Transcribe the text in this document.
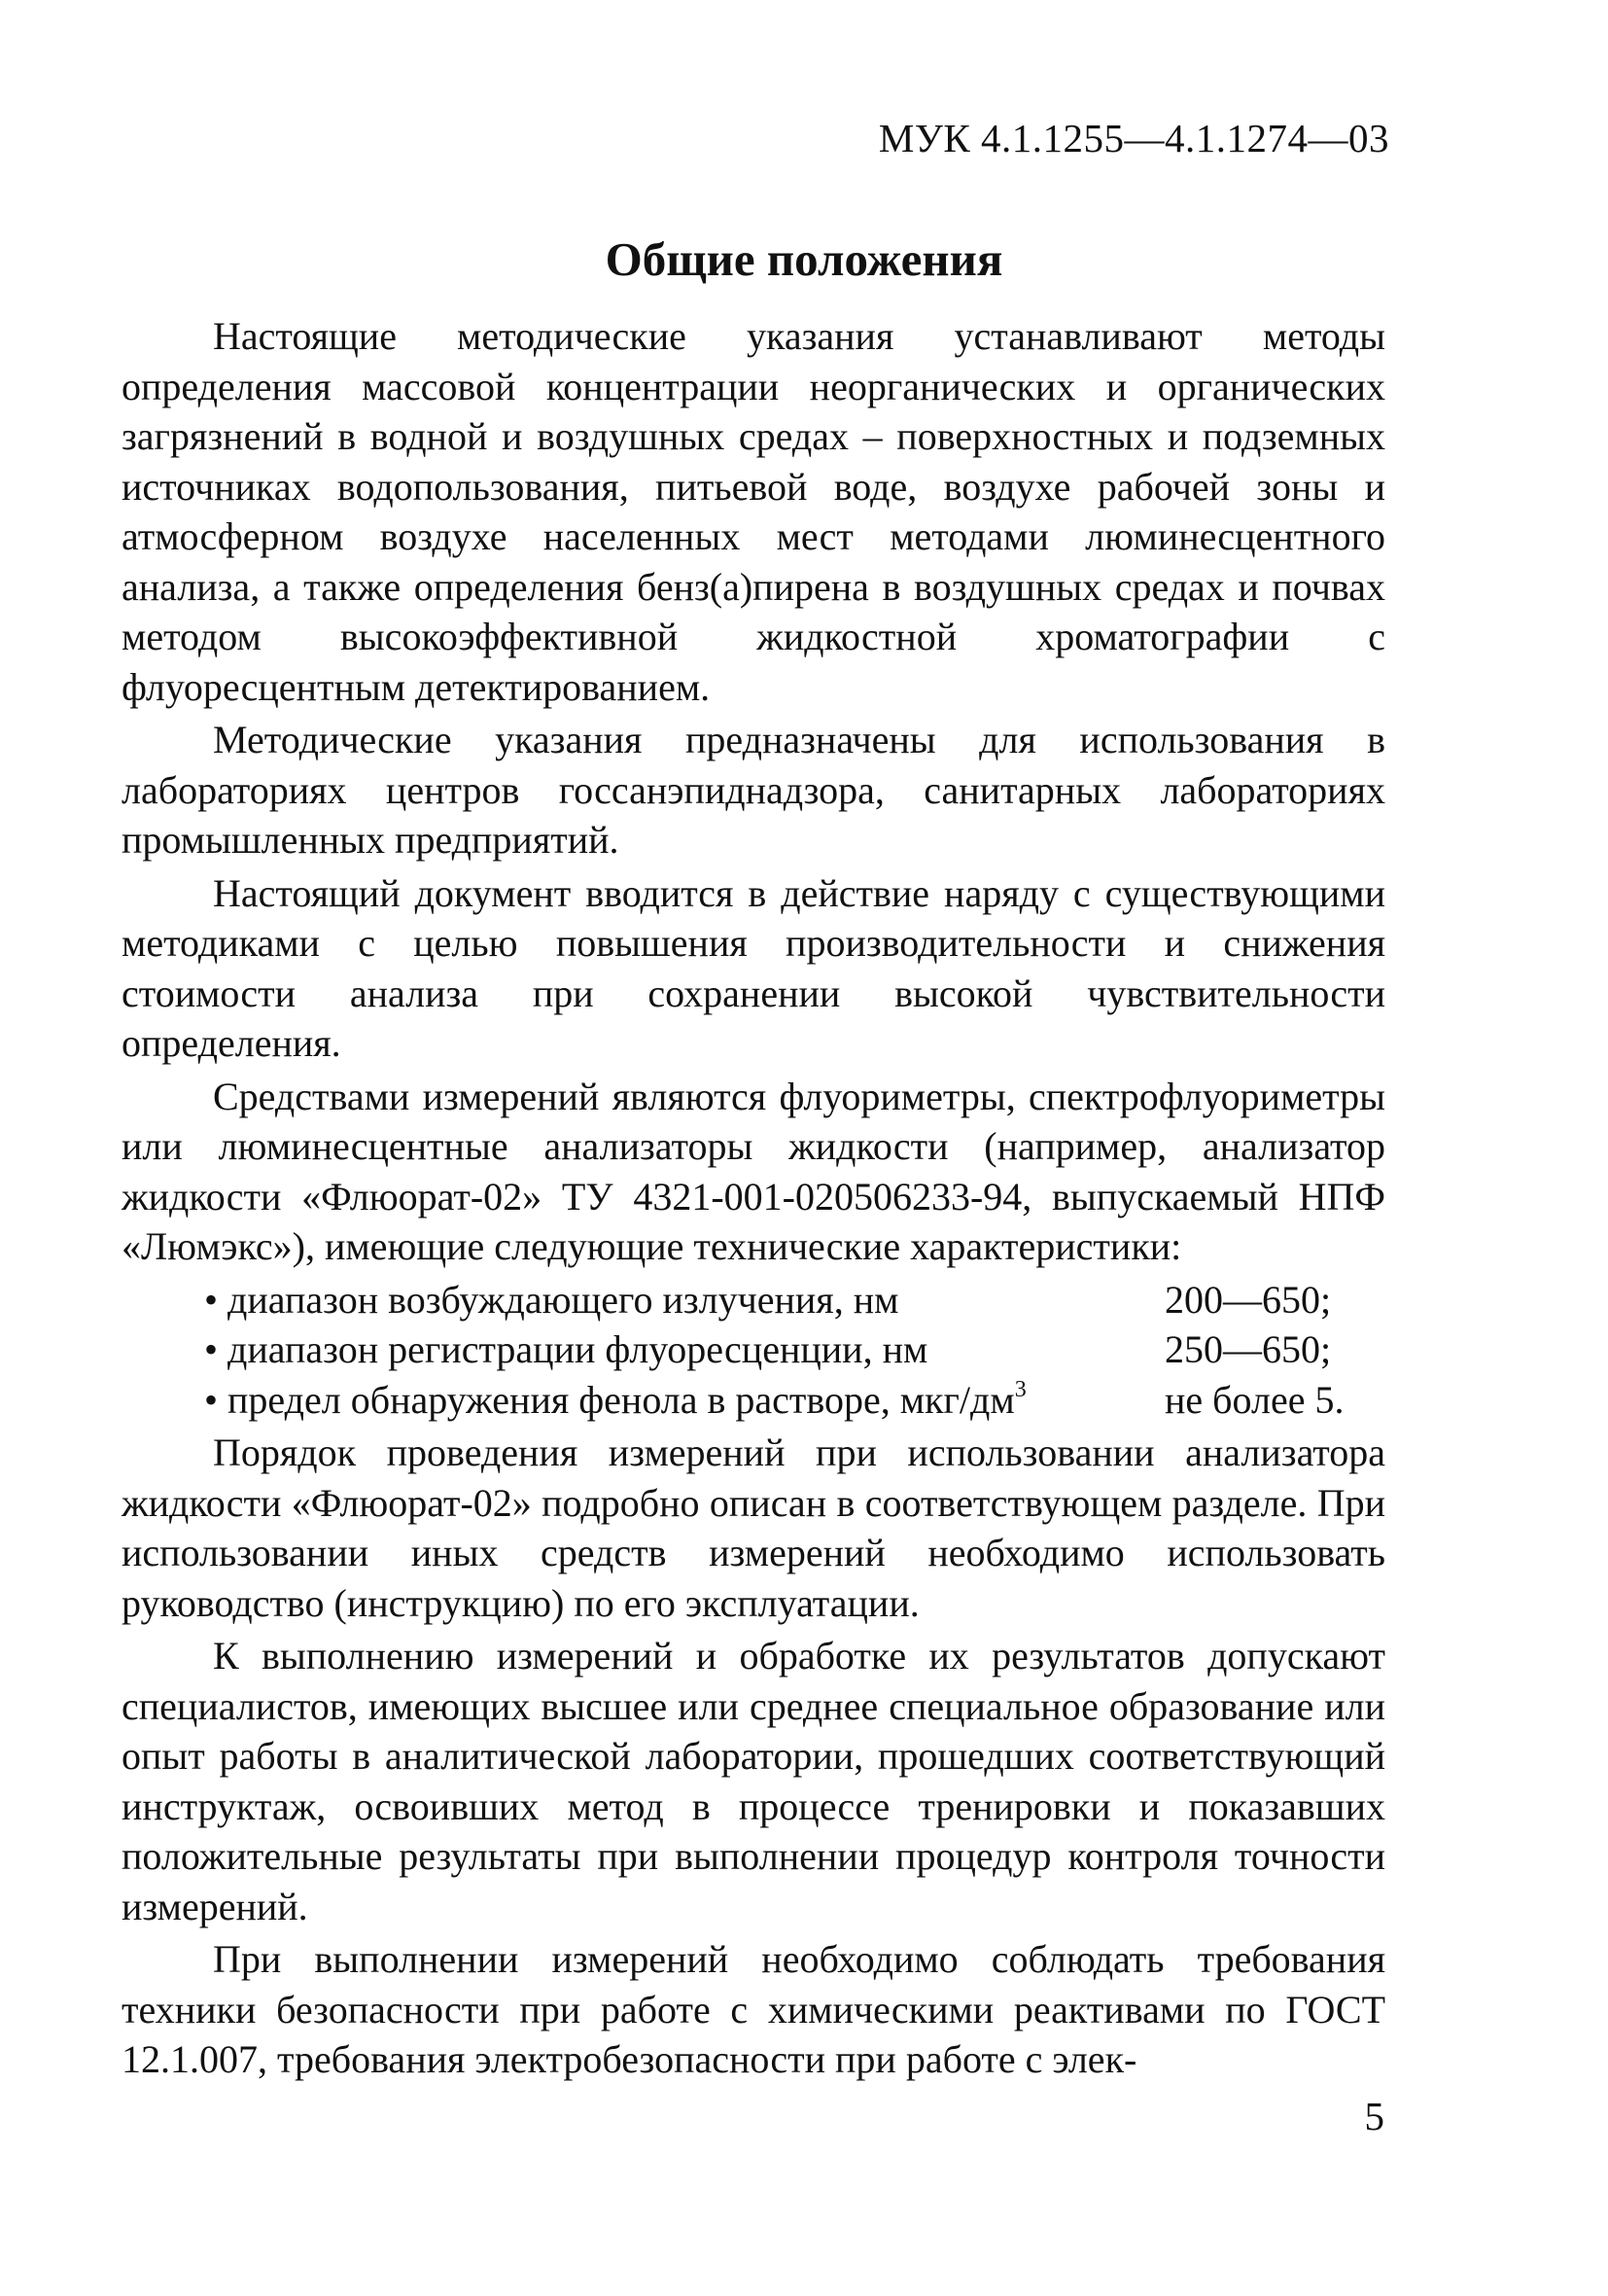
МУК 4.1.1255—4.1.1274—03
Общие положения

Настоящие методические указания устанавливают методы определения массовой концентрации неорганических и органических загрязнений в водной и воздушных средах – поверхностных и подземных источниках водопользования, питьевой воде, воздухе рабочей зоны и атмосферном воздухе населенных мест методами люминесцентного анализа, а также определения бенз(а)пирена в воздушных средах и почвах методом высокоэффективной жидкостной хроматографии с флуоресцентным детектированием.

Методические указания предназначены для использования в лабораториях центров госсанэпиднадзора, санитарных лабораториях промышленных предприятий.

Настоящий документ вводится в действие наряду с существующими методиками с целью повышения производительности и снижения стоимости анализа при сохранении высокой чувствительности определения.

Средствами измерений являются флуориметры, спектрофлуориметры или люминесцентные анализаторы жидкости (например, анализатор жидкости «Флюорат-02» ТУ 4321-001-020506233-94, выпускаемый НПФ «Люмэкс»), имеющие следующие технические характеристики:

• диапазон возбуждающего излучения, нм	200—650;
• диапазон регистрации флуоресценции, нм	250—650;
• предел обнаружения фенола в растворе, мкг/$дм^3$	не более 5.

Порядок проведения измерений при использовании анализатора жидкости «Флюорат-02» подробно описан в соответствующем разделе. При использовании иных средств измерений необходимо использовать руководство (инструкцию) по его эксплуатации.

К выполнению измерений и обработке их результатов допускают специалистов, имеющих высшее или среднее специальное образование или опыт работы в аналитической лаборатории, прошедших соответствующий инструктаж, освоивших метод в процессе тренировки и показавших положительные результаты при выполнении процедур контроля точности измерений.

При выполнении измерений необходимо соблюдать требования техники безопасности при работе с химическими реактивами по ГОСТ 12.1.007, требования электробезопасности при работе с элек-

5
